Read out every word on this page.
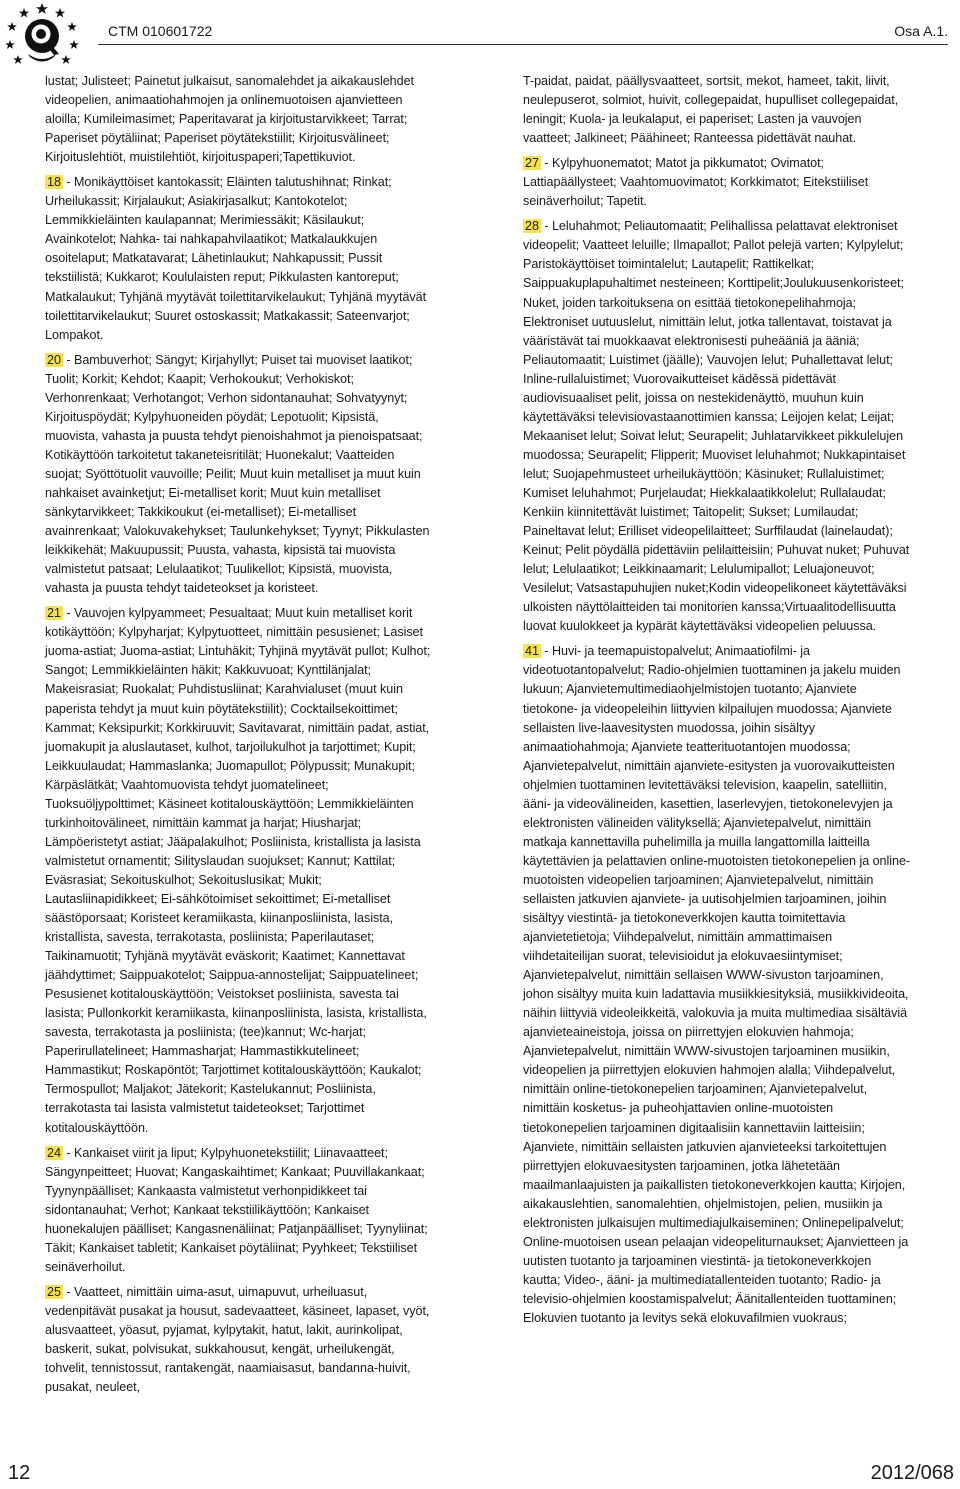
CTM 010601722	Osa A.1.

lustat; Julisteet; Painetut julkaisut, sanomalehdet ja aikakauslehdet videopelien, animaatiohahmojen ja onlinemuotoisen ajanvietteen aloilla; Kumileimasimet; Paperitavarat ja kirjoitustarvikkeet; Tarrat; Paperiset pöytäliinat; Paperiset pöytätekstiilit; Kirjoitusvälineet; Kirjoituslehtiöt, muistilehtiöt, kirjoituspaperi;Tapettikuviot.

18 - Monikäyttöiset kantokassit; Eläinten talutushihnat; Rinkat; Urheilukassit; Kirjalaukut; Asiakirjasalkut; Kantokotelot; Lemmikkieläinten kaulapannat; Merimiessäkit; Käsilaukut; Avainkotelot; Nahka- tai nahkapahvilaatikot; Matkalaukkujen osoitelaput; Matkatavarat; Lähetinlaukut; Nahkapussit; Pussit tekstiilistä; Kukkarot; Koululaisten reput; Pikkulasten kantoreput; Matkalaukut; Tyhjänä myytävät toilettitarvikelaukut; Tyhjänä myytävät toilettitarvikelaukut; Suuret ostoskassit; Matkakassit; Sateenvarjot; Lompakot.

20 - Bambuverhot; Sängyt; Kirjahyllyt; Puiset tai muoviset laatikot; Tuolit; Korkit; Kehdot; Kaapit; Verhokoukut; Verhokiskot; Verhonrenkaat; Verhotangot; Verhon sidontanauhat; Sohvatyynyt; Kirjoituspöydät; Kylpyhuoneiden pöydät; Lepotuolit; Kipsistä, muovista, vahasta ja puusta tehdyt pienoishahmot ja pienoispatsaat; Kotikäyttöön tarkoitetut takaneteisritilät; Huonekalut; Vaatteiden suojat; Syöttötuolit vauvoille; Peilit; Muut kuin metalliset ja muut kuin nahkaiset avainketjut; Ei-metalliset korit; Muut kuin metalliset sänkytarvikkeet; Takkikoukut (ei-metalliset); Ei-metalliset avainrenkaat; Valokuvakehykset; Taulunkehykset; Tyynyt; Pikkulasten leikkikehät; Makuupussit; Puusta, vahasta, kipsistä tai muovista valmistetut patsaat; Lelulaatikot; Tuulikellot; Kipsistä, muovista, vahasta ja puusta tehdyt taideteokset ja koristeet.

21 - Vauvojen kylpyammeet; Pesualtaat; Muut kuin metalliset korit kotikäyttöön; Kylpyharjat; Kylpytuotteet, nimittäin pesusienet; Lasiset juoma-astiat; Juoma-astiat; Lintuhäkit; Tyhjinä myytävät pullot; Kulhot; Sangot; Lemmikkieläinten häkit; Kakkuvuoat; Kynttilänjalat; Makeisrasiat; Ruokalat; Puhdistusliinat; Karahvialuset (muut kuin paperista tehdyt ja muut kuin pöytätekstiilit); Cocktailsekoittimet; Kammat; Keksipurkit; Korkkiruuvit; Savitavarat, nimittäin padat, astiat, juomakupit ja aluslautaset, kulhot, tarjoilukulhot ja tarjottimet; Kupit; Leikkuulaudat; Hammaslanka; Juomapullot; Pölypussit; Munakupit; Kärpäslätkät; Vaahtomuovista tehdyt juomatelineet; Tuoksuöljypolttimet; Käsineet kotitalouskäyttöön; Lemmikkieläinten turkinhoitovälineet, nimittäin kammat ja harjat; Hiusharjat; Lämpöeristetyt astiat; Jääpalakulhot; Posliinista, kristallista ja lasista valmistetut ornamentit; Silityslaudan suojukset; Kannut; Kattilat; Eväsrasiat; Sekoituskulhot; Sekoituslusikat; Mukit; Lautasliinapidikkeet; Ei-sähkötoimiset sekoittimet; Ei-metalliset säästöporsaat; Koristeet keramiikasta, kiinanposliinista, lasista, kristallista, savesta, terrakotasta, posliinista; Paperilautaset; Taikinamuotit; Tyhjänä myytävät eväskorit; Kaatimet; Kannettavat jäähdyttimet; Saippuakotelot; Saippua-annostelijat; Saippuatelineet; Pesusienet kotitalouskäyttöön; Veistokset posliinista, savesta tai lasista; Pullonkorkit keramiikasta, kiinanposliinista, lasista, kristallista, savesta, terrakotasta ja posliinista; (tee)kannut; Wc-harjat; Paperirullatelineet; Hammasharjat; Hammastikkutelineet; Hammastikut; Roskapöntöt; Tarjottimet kotitalouskäyttöön; Kaukalot; Termospullot; Maljakot; Jätekorit; Kastelukannut; Posliinista, terrakotasta tai lasista valmistetut taideteokset; Tarjottimet kotitalouskäyttöön.

24 - Kankaiset viirit ja liput; Kylpyhuonetekstiilit; Liinavaatteet; Sängynpeitteet; Huovat; Kangaskaihtimet; Kankaat; Puuvillakankaat; Tyynynpäälliset; Kankaasta valmistetut verhonpidikkeet tai sidontanauhat; Verhot; Kankaat tekstiilikäyttöön; Kankaiset huonekalujen päälliset; Kangasnenäliinat; Patjanpäälliset; Tyynyliinat; Täkit; Kankaiset tabletit; Kankaiset pöytäliinat; Pyyhkeet; Tekstiiliset seinäverhoilut.

25 - Vaatteet, nimittäin uima-asut, uimapuvut, urheiluasut, vedenpitävät pusakat ja housut, sadevaatteet, käsineet, lapaset, vyöt, alusvaatteet, yöasut, pyjamat, kylpytakit, hatut, lakit, aurinkolipat, baskerit, sukat, polvisukat, sukkahousut, kengät, urheilukengät, tohvelit, tennistossut, rantakengät, naamiaisasut, bandanna-huivit, pusakat, neuleet,

T-paidat, paidat, päällysvaatteet, sortsit, mekot, hameet, takit, liivit, neulepuserot, solmiot, huivit, collegepaidat, hupulliset collegepaidat, leningit; Kuola- ja leukalaput, ei paperiset; Lasten ja vauvojen vaatteet; Jalkineet; Päähineet; Ranteessa pidettävät nauhat.

27 - Kylpyhuonematot; Matot ja pikkumatot; Ovimatot; Lattiapäällysteet; Vaahtomuovimatot; Korkkimatot; Eitekstiiliset seinäverhoilut; Tapetit.

28 - Leluhahmot; Peliautomaatit; Pelihallissa pelattavat elektroniset videopelit; Vaatteet leluille; Ilmapallot; Pallot pelejä varten; Kylpylelut; Paristokäyttöiset toimintalelut; Lautapelit; Rattikelkat; Saippuakuplapuhaltimet nesteineen; Korttipelit;Joulukuusenkoristeet; Nuket, joiden tarkoituksena on esittää tietokonepelihahmoja; Elektroniset uutuuslelut, nimittäin lelut, jotka tallentavat, toistavat ja vääristävät tai muokkaavat elektronisesti puheääniä ja ääniä; Peliautomaatit; Luistimet (jäälle); Vauvojen lelut; Puhallettavat lelut; Inline-rullaluistimet; Vuorovaikutteiset käděssä pidettävät audiovisuaaliset pelit, joissa on nestekidenäyttö, muuhun kuin käytettäväksi televisiovastaanottimien kanssa; Leijojen kelat; Leijat; Mekaaniset lelut; Soivat lelut; Seurapelit; Juhlatarvikkeet pikkulelujen muodossa; Seurapelit; Flipperit; Muoviset leluhahmot; Nukkapintaiset lelut; Suojapehmusteet urheilukäyttöön; Käsinuket; Rullaluistimet; Kumiset leluhahmot; Purjelaudat; Hiekkalaatikkolelut; Rullalaudat; Kenkiin kiinnitettävät luistimet; Taitopelit; Sukset; Lumilaudat; Paineltavat lelut; Erilliset videopelilaitteet; Surffilaudat (lainelaudat); Keinut; Pelit pöydällä pidettäviin pelilaitteisiin; Puhuvat nuket; Puhuvat lelut; Lelulaatikot; Leikkinaamarit; Lelulumipallot; Leluajoneuvot; Vesilelut; Vatsastapuhujien nuket;Kodin videopelikoneet käytettäväksi ulkoisten näyttölaitteiden tai monitorien kanssa;Virtuaalitodellisuutta luovat kuulokkeet ja kypärät käytettäväksi videopelien peluussa.

41 - Huvi- ja teemapuistopalvelut; Animaatiofilmi- ja videotuotantopalvelut; Radio-ohjelmien tuottaminen ja jakelu muiden lukuun; Ajanvietemultimediaohjelmistojen tuotanto; Ajanviete tietokone- ja videopeleihin liittyvien kilpailujen muodossa; Ajanviete sellaisten live-laavesitysten muodossa, joihin sisältyy animaatiohahmoja; Ajanviete teatterituotantojen muodossa; Ajanvietepalvelut, nimittäin ajanviete-esitysten ja vuorovaikutteisten ohjelmien tuottaminen levitettäväksi television, kaapelin, satelliitin, ääni- ja videovälineiden, kasettien, laserlevyjen, tietokonelevyjen ja elektronisten välineiden välityksellä; Ajanvietepalvelut, nimittäin matkaja kannettavilla puhelimilla ja muilla langattomilla laitteilla käytettävien ja pelattavien online-muotoisten tietokonepelien ja online-muotoisten videopelien tarjoaminen; Ajanvietepalvelut, nimittäin sellaisten jatkuvien ajanviete- ja uutisohjelmien tarjoaminen, joihin sisältyy viestintä- ja tietokoneverkkojen kautta toimitettavia ajanvietetietoja; Viihdepalvelut, nimittäin ammattimaisen viihdetaiteilijan suorat, televisioidut ja elokuvaesiintymiset; Ajanvietepalvelut, nimittäin sellaisen WWW-sivuston tarjoaminen, johon sisältyy muita kuin ladattavia musiikkiesityksiä, musiikkivideoita, näihin liittyviä videoleikkeitä, valokuvia ja muita multimediaa sisältäviä ajanvieteaineistoja, joissa on piirrettyjen elokuvien hahmoja; Ajanvietepalvelut, nimittäin WWW-sivustojen tarjoaminen musiikin, videopelien ja piirrettyjen elokuvien hahmojen alalla; Viihdepalvelut, nimittäin online-tietokonepelien tarjoaminen; Ajanvietepalvelut, nimittäin kosketus- ja puheohjattavien online-muotoisten tietokonepelien tarjoaminen digitaalisiin kannettaviin laitteisiin; Ajanviete, nimittäin sellaisten jatkuvien ajanvieteeksi tarkoitettujen piirrettyjen elokuvaesitysten tarjoaminen, jotka lähetetään maailmanlaajuisten ja paikallisten tietokoneverkkojen kautta; Kirjojen, aikakauslehtien, sanomalehtien, ohjelmistojen, pelien, musiikin ja elektronisten julkaisujen multimediajulkaiseminen; Onlinepelipalvelut; Online-muotoisen usean pelaajan videopeliturnaukset; Ajanvietteen ja uutisten tuotanto ja tarjoaminen viestintä- ja tietokoneverkkojen kautta; Video-, ääni- ja multimediatallenteiden tuotanto; Radio- ja televisio-ohjelmien koostamispalvelut; Äänitallenteiden tuottaminen; Elokuvien tuotanto ja levitys sekä elokuvafilmien vuokraus;

12	2012/068
